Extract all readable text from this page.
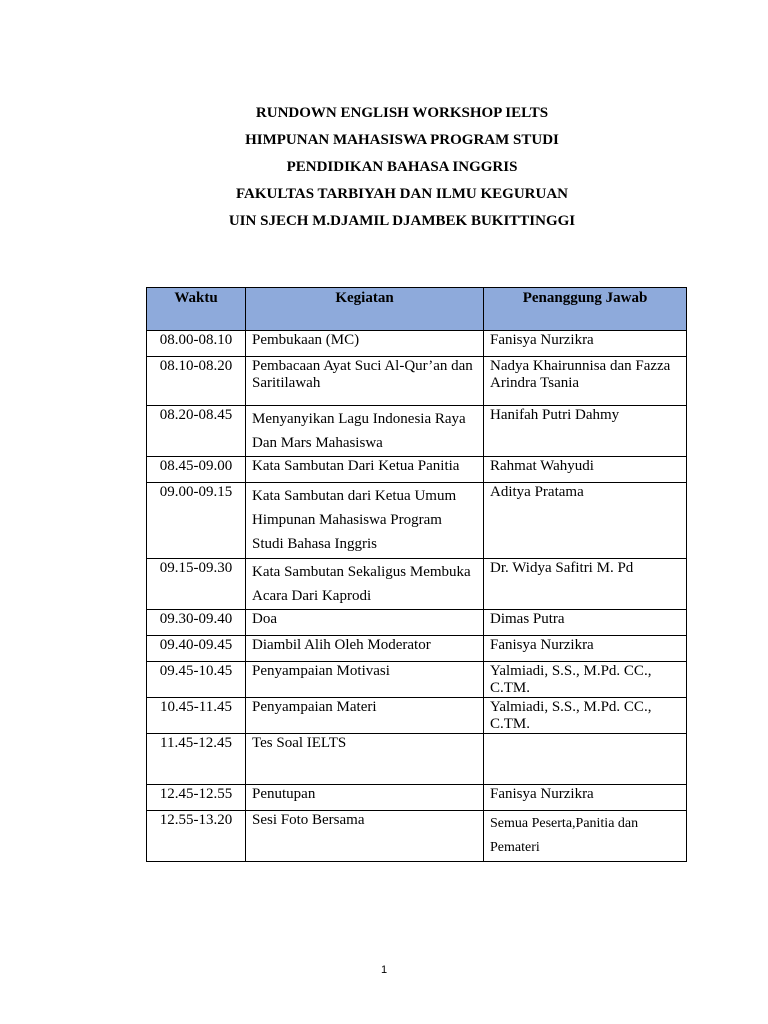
RUNDOWN ENGLISH WORKSHOP IELTS
HIMPUNAN MAHASISWA PROGRAM STUDI
PENDIDIKAN BAHASA INGGRIS
FAKULTAS TARBIYAH DAN ILMU KEGURUAN
UIN SJECH M.DJAMIL DJAMBEK BUKITTINGGI
Waktu	Kegiatan	Penanggung Jawab
08.00-08.10	Pembukaan (MC)	Fanisya Nurzikra
08.10-08.20	Pembacaan Ayat Suci Al-Qur’an dan Saritilawah	Nadya Khairunnisa dan Fazza Arindra Tsania
08.20-08.45	Menyanyikan Lagu Indonesia Raya Dan Mars Mahasiswa	Hanifah Putri Dahmy
08.45-09.00	Kata Sambutan Dari Ketua Panitia	Rahmat Wahyudi
09.00-09.15	Kata Sambutan dari Ketua Umum Himpunan Mahasiswa Program Studi Bahasa Inggris	Aditya Pratama
09.15-09.30	Kata Sambutan Sekaligus Membuka Acara Dari Kaprodi	Dr. Widya Safitri M. Pd
09.30-09.40	Doa	Dimas Putra
09.40-09.45	Diambil Alih Oleh Moderator	Fanisya Nurzikra
09.45-10.45	Penyampaian Motivasi	Yalmiadi, S.S., M.Pd. CC., C.TM.
10.45-11.45	Penyampaian Materi	Yalmiadi, S.S., M.Pd. CC., C.TM.
11.45-12.45	Tes Soal IELTS	
12.45-12.55	Penutupan	Fanisya Nurzikra
12.55-13.20	Sesi Foto Bersama	Semua Peserta,Panitia dan Pemateri
1
